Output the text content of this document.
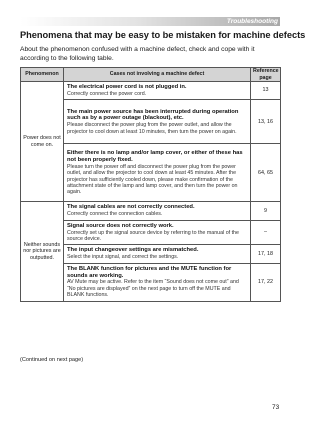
Troubleshooting
Phenomena that may be easy to be mistaken for machine defects
About the phenomenon confused with a machine defect, check and cope with it according to the following table.
Phenomenon	Cases not involving a machine defect	Reference page
Power does not come on.	The electrical power cord is not plugged in.
Correctly connect the power cord.	13

	The main power source has been interrupted during operation such as by a power outage (blackout), etc.
Please disconnect the power plug from the power outlet, and allow the projector to cool down at least 10 minutes, then turn the power on again.	13, 16

	Either there is no lamp and/or lamp cover, or either of these has not been properly fixed.
Please turn the power off and disconnect the power plug from the power outlet, and allow the projector to cool down at least 45 minutes. After the projector has sufficiently cooled down, please make confirmation of the attachment state of the lamp and lamp cover, and then turn the power on again.	64, 65
Neither sounds nor pictures are outputted.	The signal cables are not correctly connected.
Correctly connect the connection cables.	9

	Signal source does not correctly work.
Correctly set up the signal source device by referring to the manual of the source device.	–

	The input changeover settings are mismatched.
Select the input signal, and correct the settings.	17, 18

	The BLANK function for pictures and the MUTE function for sounds are working.
AV Mute may be active. Refer to the item “Sound does not come out” and “No pictures are displayed” on the next page to turn off the MUTE and BLANK functions.	17, 22
(Continued on next page)
73
